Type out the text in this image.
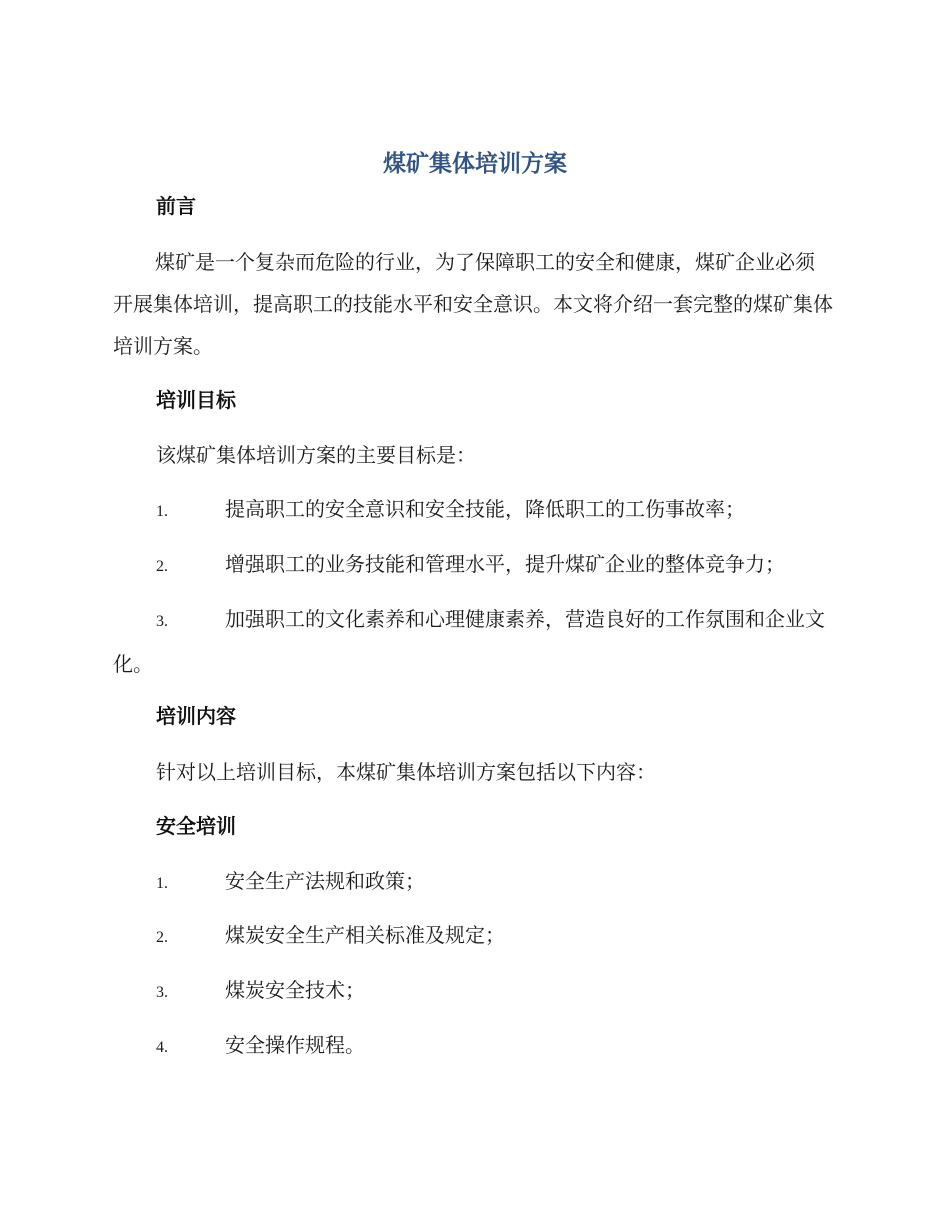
煤矿集体培训方案
前言
煤矿是一个复杂而危险的行业，为了保障职工的安全和健康，煤矿企业必须开展集体培训，提高职工的技能水平和安全意识。本文将介绍一套完整的煤矿集体培训方案。
培训目标
该煤矿集体培训方案的主要目标是：
1.	提高职工的安全意识和安全技能，降低职工的工伤事故率；
2.	增强职工的业务技能和管理水平，提升煤矿企业的整体竞争力；
3.	加强职工的文化素养和心理健康素养，营造良好的工作氛围和企业文化。
培训内容
针对以上培训目标，本煤矿集体培训方案包括以下内容：
安全培训
1.	安全生产法规和政策；
2.	煤炭安全生产相关标准及规定；
3.	煤炭安全技术；
4.	安全操作规程。
